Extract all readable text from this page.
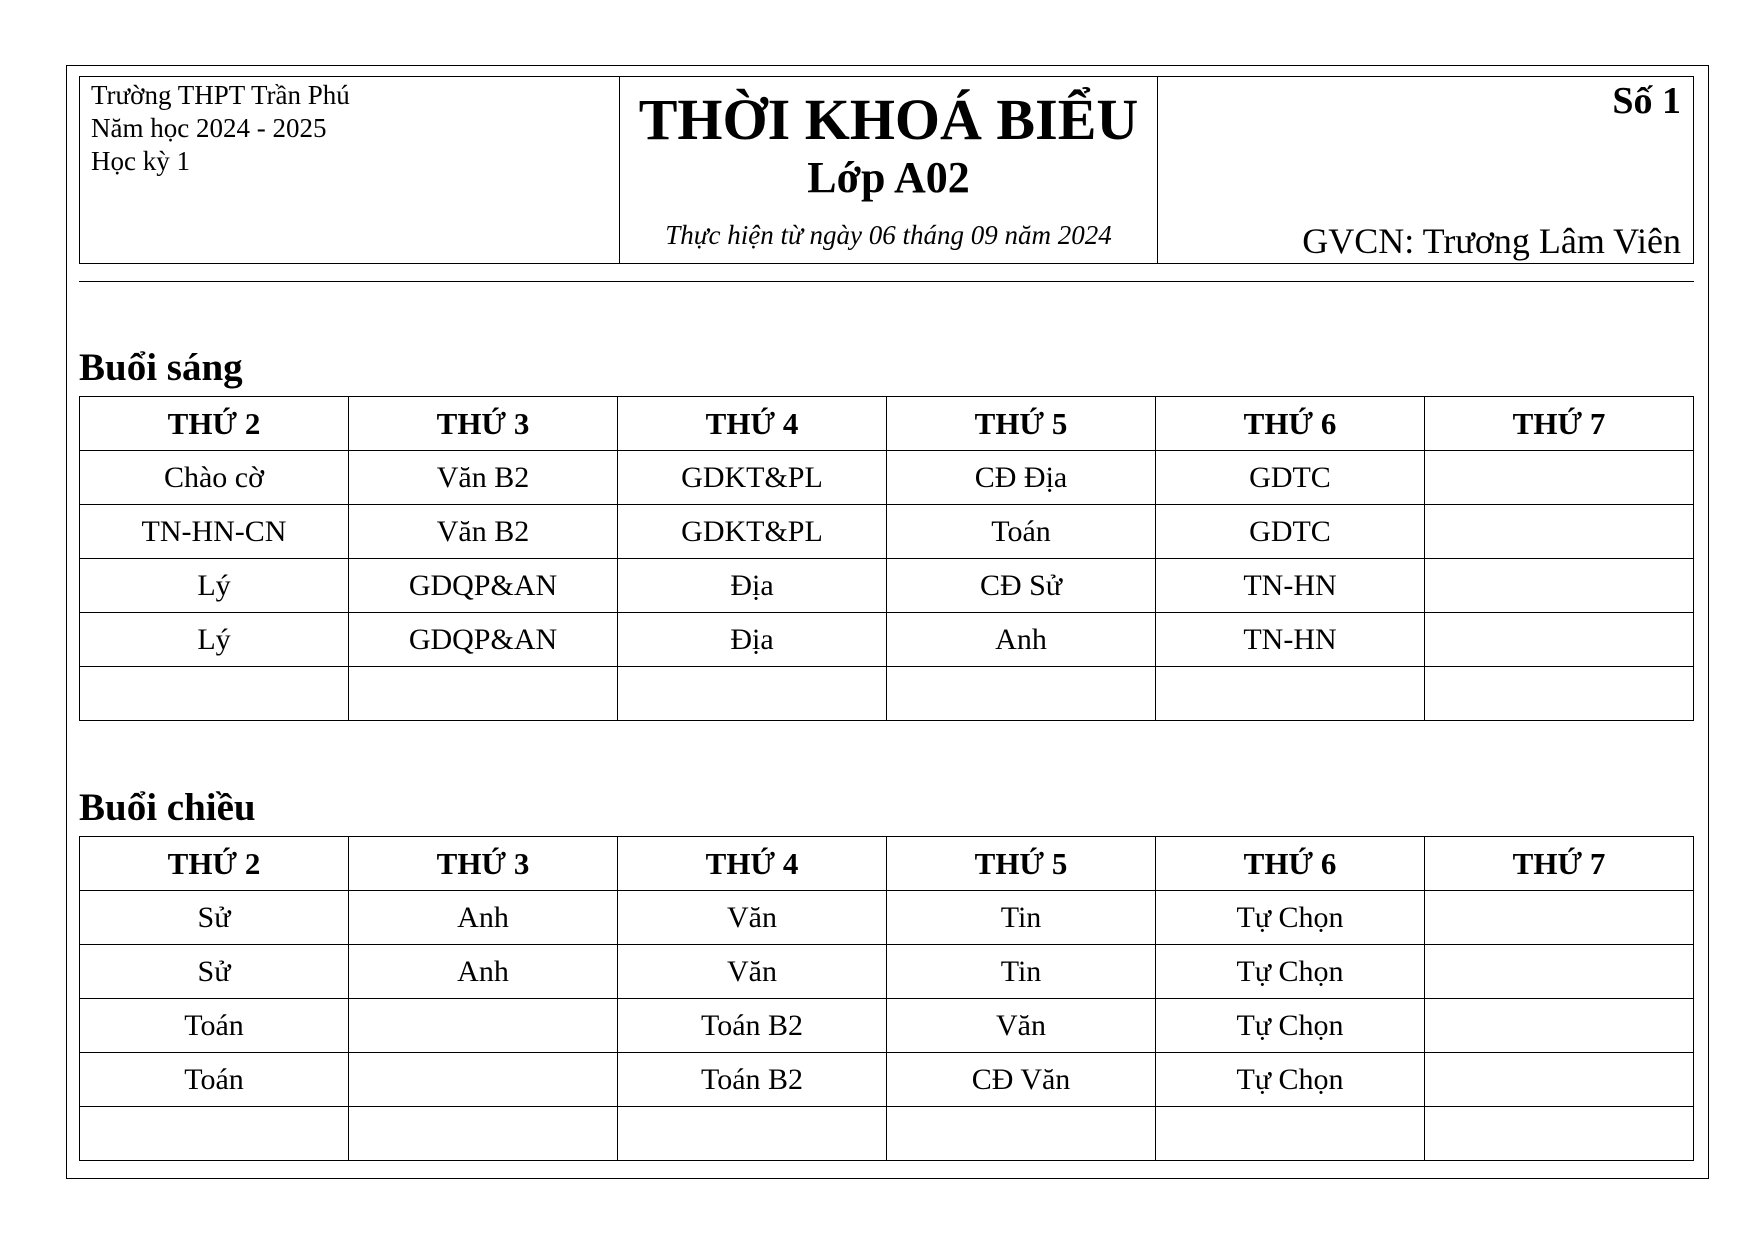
Trường THPT Trần Phú
Năm học 2024 - 2025
Học kỳ 1
THỜI KHOÁ BIỂU
Lớp A02
Thực hiện từ ngày 06 tháng 09 năm 2024
Số 1
GVCN: Trương Lâm Viên
Buổi sáng
THỨ 2	THỨ 3	THỨ 4	THỨ 5	THỨ 6	THỨ 7
Chào cờ	Văn B2	GDKT&PL	CĐ Địa	GDTC	
TN-HN-CN	Văn B2	GDKT&PL	Toán	GDTC	
Lý	GDQP&AN	Địa	CĐ Sử	TN-HN	
Lý	GDQP&AN	Địa	Anh	TN-HN	

Buổi chiều
THỨ 2	THỨ 3	THỨ 4	THỨ 5	THỨ 6	THỨ 7
Sử	Anh	Văn	Tin	Tự Chọn	
Sử	Anh	Văn	Tin	Tự Chọn	
Toán		Toán B2	Văn	Tự Chọn	
Toán		Toán B2	CĐ Văn	Tự Chọn	
